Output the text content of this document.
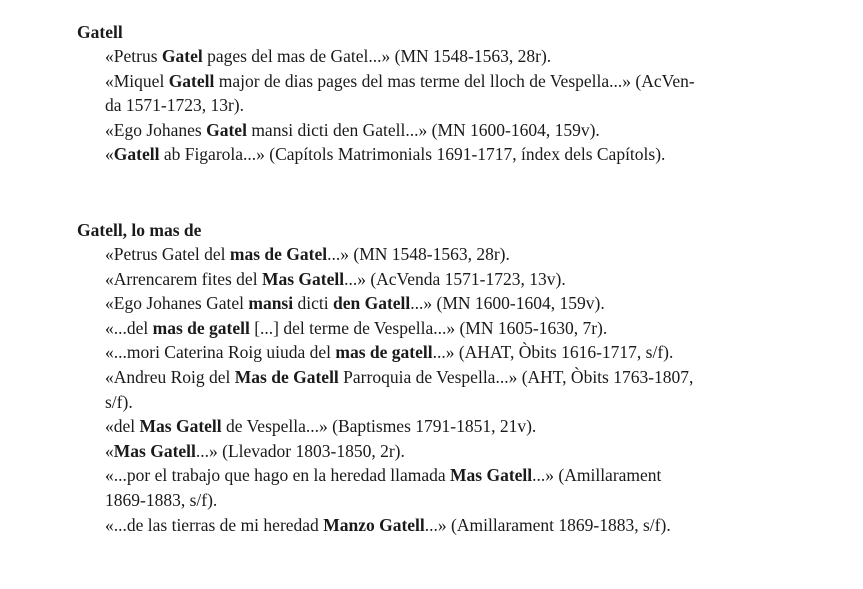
Gatell

«Petrus Gatel pages del mas de Gatel...» (MN 1548-1563, 28r).

«Miquel Gatell major de dias pages del mas terme del lloch de Vespella...» (AcVen-
da 1571-1723, 13r).

«Ego Johanes Gatel mansi dicti den Gatell...» (MN 1600-1604, 159v).

«Gatell ab Figarola...» (Capítols Matrimonials 1691-1717, índex dels Capítols).

Gatell, lo mas de

«Petrus Gatel del mas de Gatel...» (MN 1548-1563, 28r).

«Arrencarem fites del Mas Gatell...» (AcVenda 1571-1723, 13v).

«Ego Johanes Gatel mansi dicti den Gatell...» (MN 1600-1604, 159v).

«...del mas de gatell [...] del terme de Vespella...» (MN 1605-1630, 7r).

«...mori Caterina Roig uiuda del mas de gatell...» (AHAT, Òbits 1616-1717, s/f).

«Andreu Roig del Mas de Gatell Parroquia de Vespella...» (AHT, Òbits 1763-1807,
s/f).

«del Mas Gatell de Vespella...» (Baptismes 1791-1851, 21v).

«Mas Gatell...» (Llevador 1803-1850, 2r).

«...por el trabajo que hago en la heredad llamada Mas Gatell...» (Amillarament
1869-1883, s/f).

«...de las tierras de mi heredad Manzo Gatell...» (Amillarament 1869-1883, s/f).
